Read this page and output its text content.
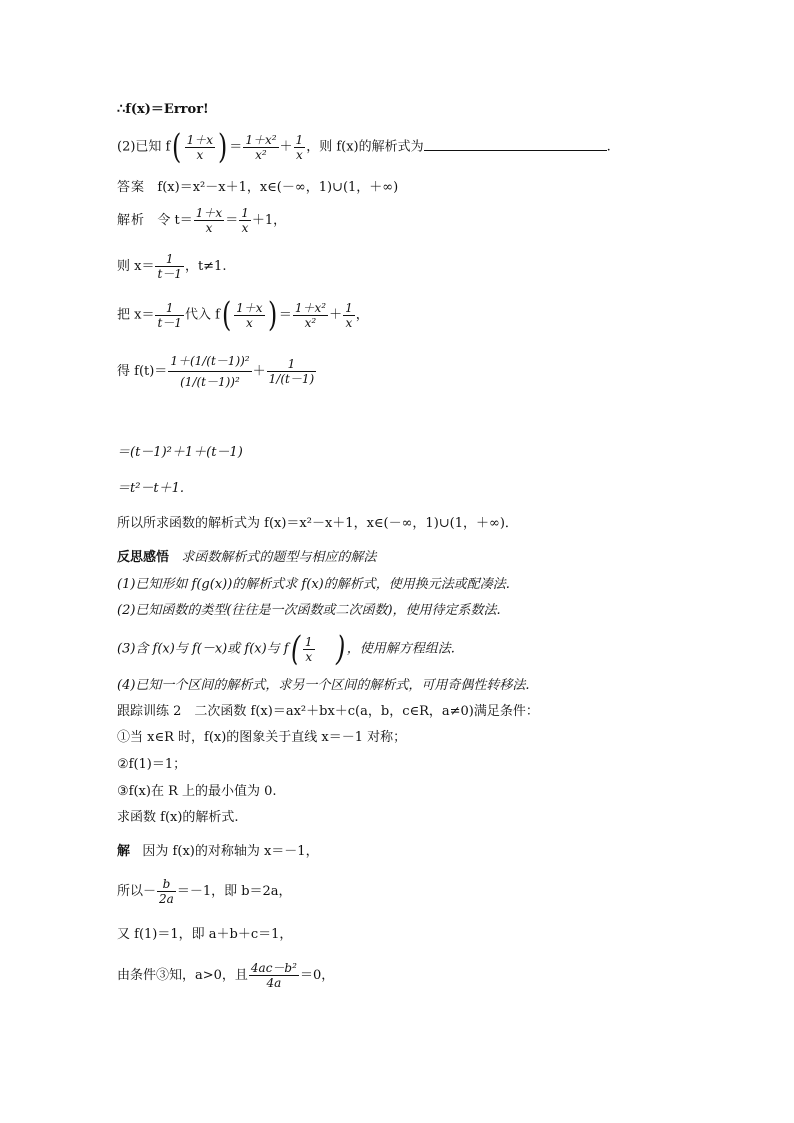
∴f(x)＝Error!
(2)已知 $f( \frac{1+x}{x}$ ) ＝ $\frac{\text{1＋x²}}{\text{x²}} + \frac{1}{x}$ ，则 f(x)的解析式为	.
答案 f(x)＝x²－x＋1，x∈(－∞，1)∪(1，＋∞)
解析 令 $t= \frac{1+x}{x} = \frac{1}{x} +1$，
则 $x= \frac{1}{t-1}$ ，t≠1.
把 $x= \frac{1}{t-1}$ 代入 $f( \frac{1+x}{x}$ ) ＝ $\frac{\text{1＋x²}}{\text{x²}} + \frac{1}{x}$ ，
得 $f(t)= \frac{\text{1＋(1/(t－1))²}}{\text{(1/(t－1))²}} + \frac{1}{1/(t-1)}$
＝(t－1)²＋1＋(t－1)
＝t²－t＋1.
所以所求函数的解析式为 f(x)＝x²－x＋1，x∈(－∞，1)∪(1，＋∞)．
反思感悟 求函数解析式的题型与相应的解法
(1)已知形如 f(g(x))的解析式求 f(x)的解析式，使用换元法或配凑法.
(2)已知函数的类型(往往是一次函数或二次函数)，使用待定系数法.
(3)含 f(x)与 f(－x)或 f(x)与 $f( \frac{1}{x}$ ) ，使用解方程组法.
(4)已知一个区间的解析式，求另一个区间的解析式，可用奇偶性转移法.
跟踪训练 2　二次函数 f(x)＝ax²＋bx＋c(a，b，c∈R，a≠0)满足条件：
①当 x∈R 时，f(x)的图象关于直线 x＝－1 对称；
②f(1)＝1；
③f(x)在 R 上的最小值为 0.
求函数 f(x)的解析式.
解 因为 f(x)的对称轴为 x＝－1，
所以－ $\frac{b}{2a} =-1$，即 b＝2a，
又 f(1)＝1，即 a＋b＋c＝1，
由条件③知，a>0，且 $\frac{\text{4ac－b²}}{4a} =0$，
